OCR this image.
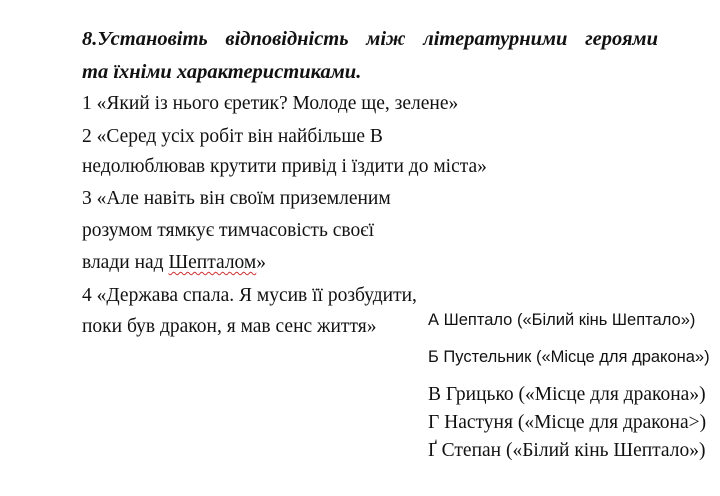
8.Установіть відповідність між літературними героями
та їхніми характеристиками.
1 «Який із нього єретик? Молоде ще, зелене»
2 «Серед усіх робіт він найбільше В
недолюблював крутити привід і їздити до міста»
3 «Але навіть він своїм приземленим
розумом тямкує тимчасовість своєї
влади над Шепталом»
4 «Держава спала. Я мусив її розбудити,
поки був дракон, я мав сенс життя»	А Шептало («Білий кінь Шептало»)
Б Пустельник («Місце для дракона»)
В Грицько («Місце для дракона»)
Г Настуня («Місце для дракона>)
Ґ Степан («Білий кінь Шептало»)
